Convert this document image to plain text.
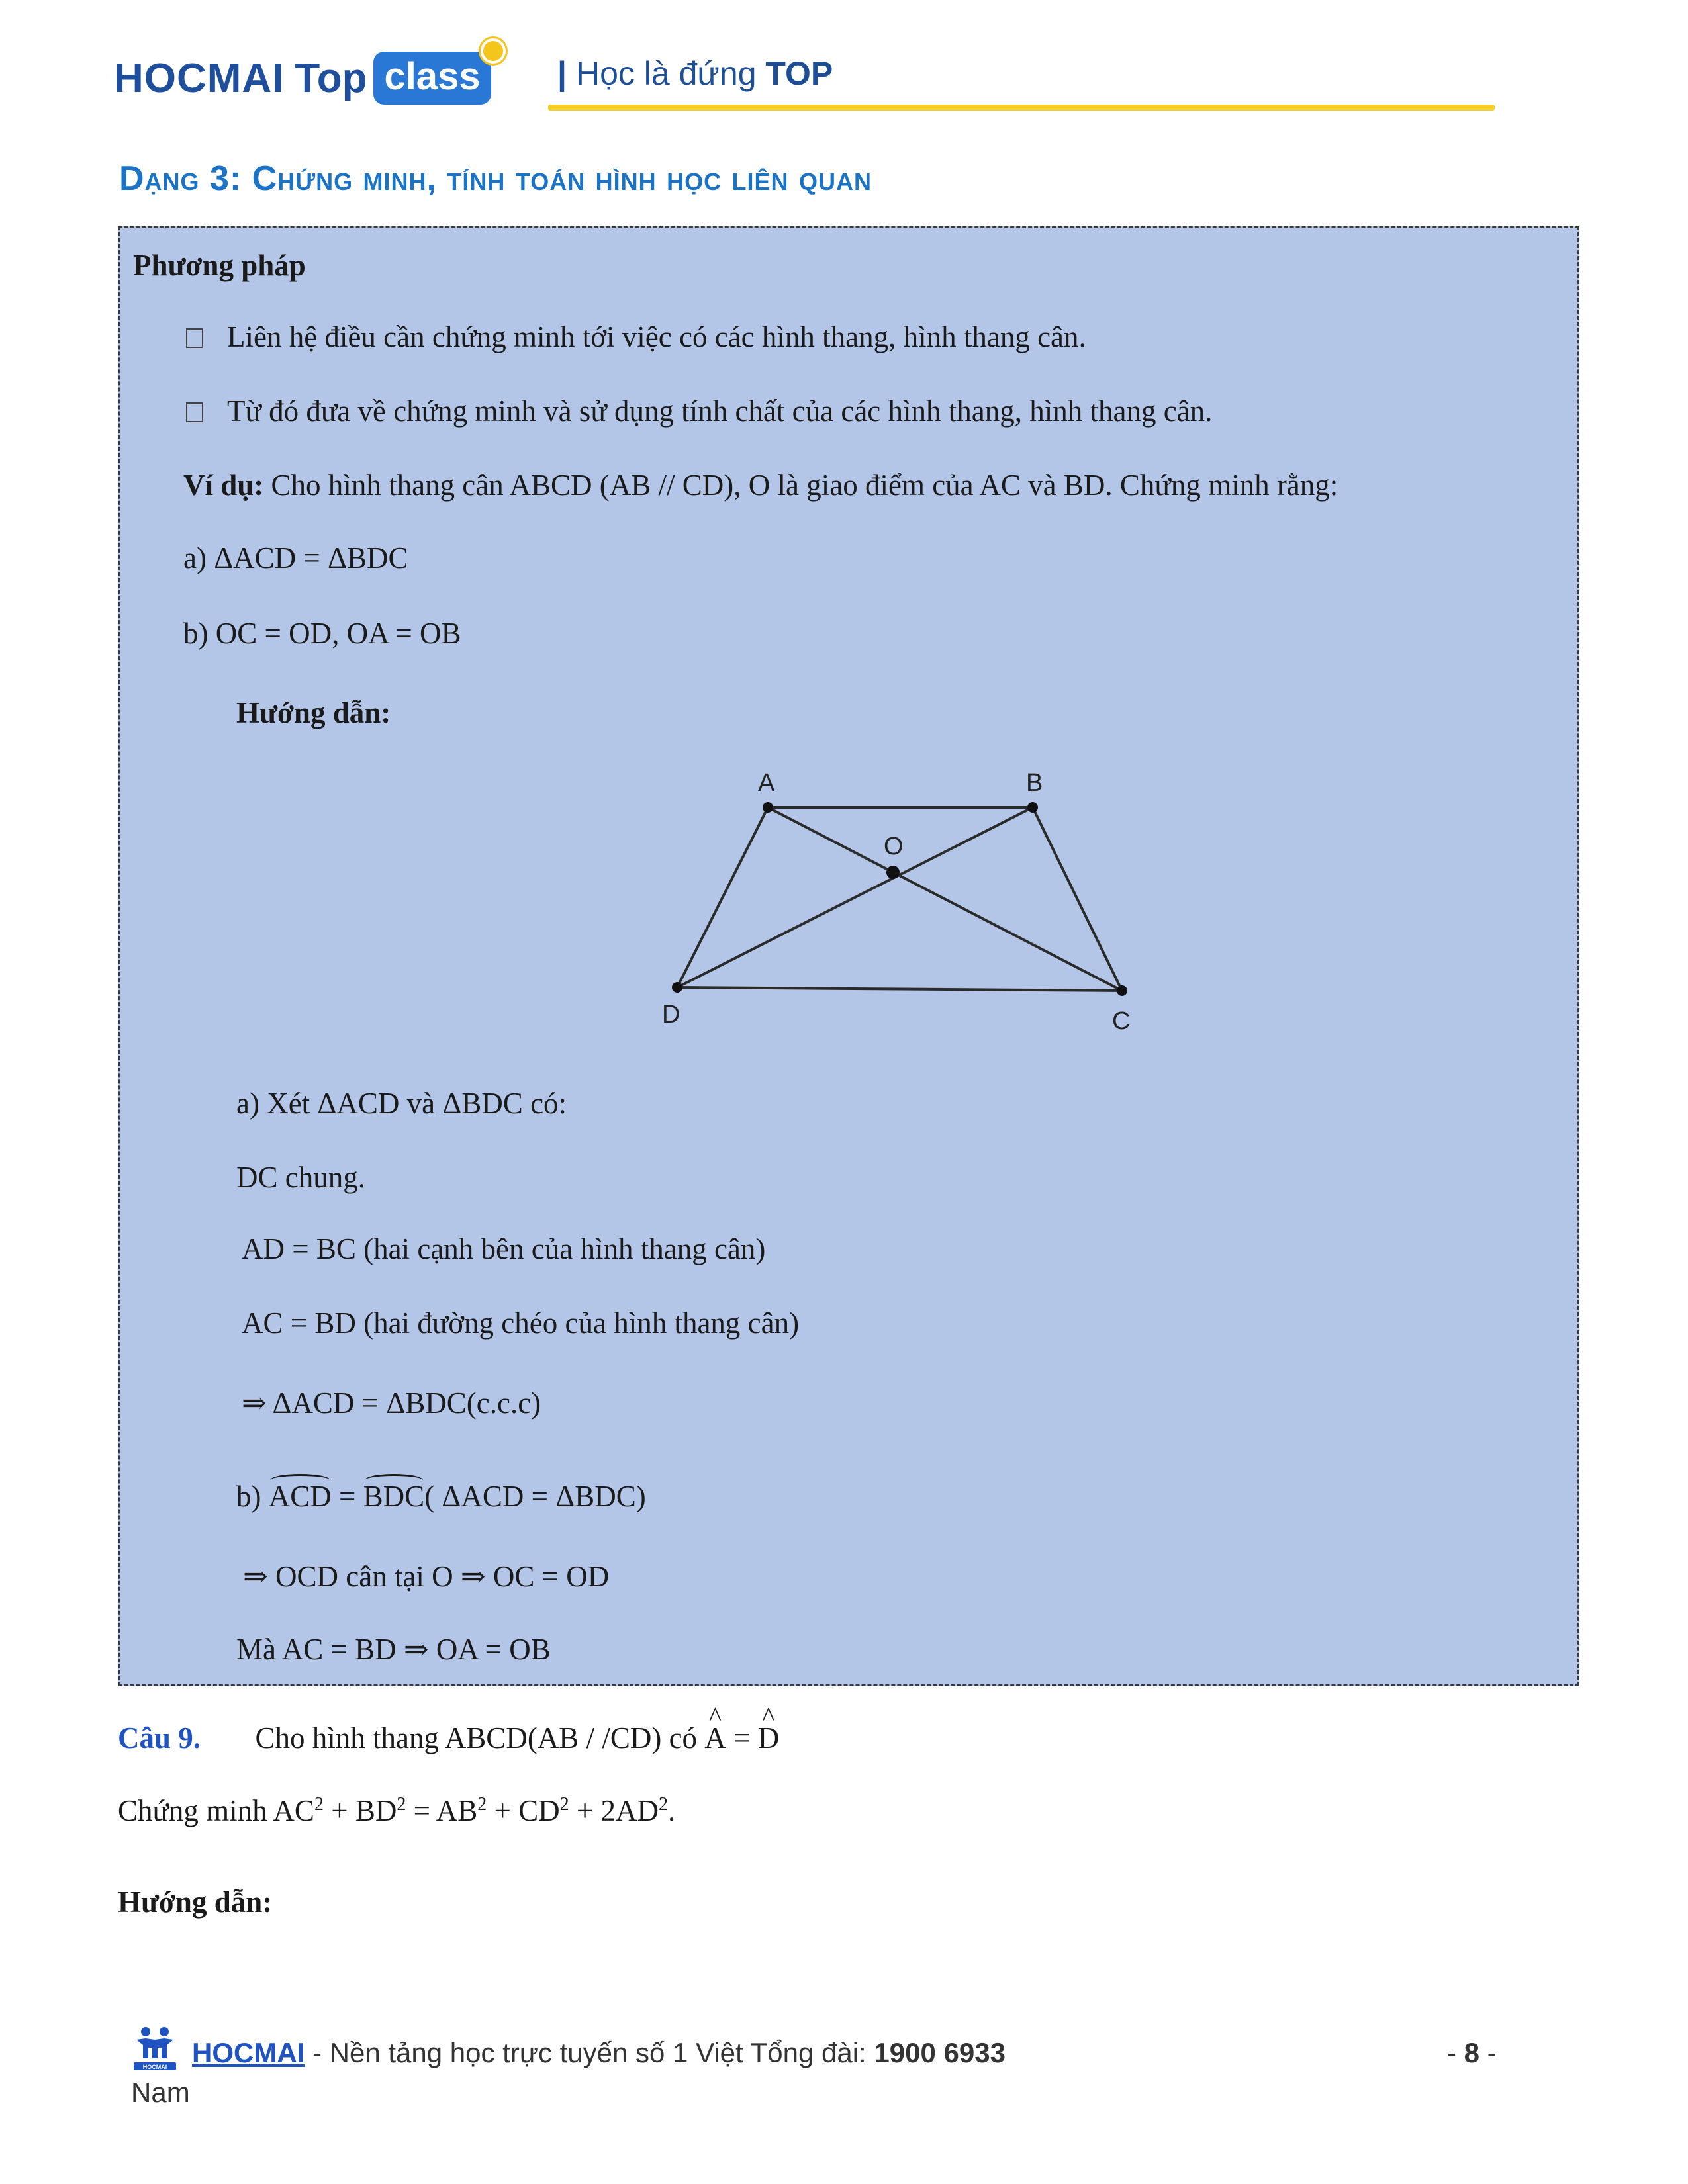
HOCMAI Top class	| Học là đứng TOP
Dạng 3: Chứng minh, tính toán hình học liên quan
Phương pháp
Liên hệ điều cần chứng minh tới việc có các hình thang, hình thang cân.
Từ đó đưa về chứng minh và sử dụng tính chất của các hình thang, hình thang cân.
Ví dụ: Cho hình thang cân ABCD (AB // CD), O là giao điểm của AC và BD. Chứng minh rằng:
a) ΔACD = ΔBDC
b) OC = OD, OA = OB
Hướng dẫn:
a) Xét ΔACD và ΔBDC có:
DC chung.
AD = BC (hai cạnh bên của hình thang cân)
AC = BD (hai đường chéo của hình thang cân)
⇒ ΔACD = ΔBDC(c.c.c)
b) ACD = BDC( ΔACD = ΔBDC)
⇒ OCD cân tại O ⇒ OC = OD
Mà AC = BD ⇒ OA = OB
A	B
O
D	C
Câu 9. Cho hình thang ABCD(AB / /CD) có ^ A = ^ D
Chứng minh $AC^2 + BD^2 = AB^2 + CD^2 + 2AD^2$.
Hướng dẫn:
HOCMAI HOCMAI - Nền tảng học trực tuyến số 1 Việt Tổng đài: 1900 6933
Nam
- 8 -
